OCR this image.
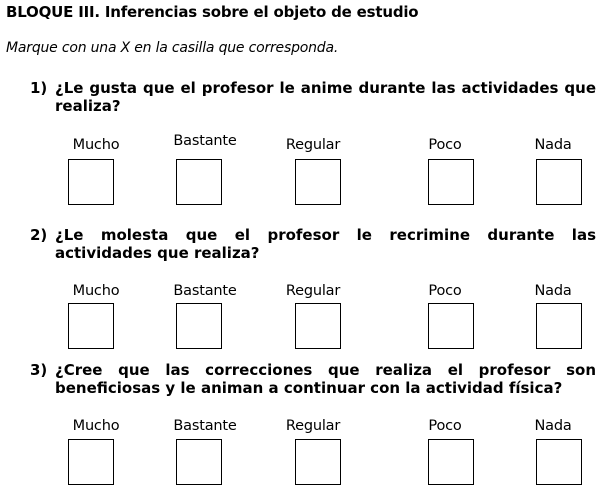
BLOQUE III. Inferencias sobre el objeto de estudio
Marque con una X en la casilla que corresponda.
1) ¿Le gusta que el profesor le anime durante las actividades que realiza?
Mucho	Bastante	Regular	Poco	Nada
2) ¿Le molesta que el profesor le recrimine durante las actividades que realiza?
Mucho	Bastante	Regular	Poco	Nada
3) ¿Cree que las correcciones que realiza el profesor son beneficiosas y le animan a continuar con la actividad física?
Mucho	Bastante	Regular	Poco	Nada
